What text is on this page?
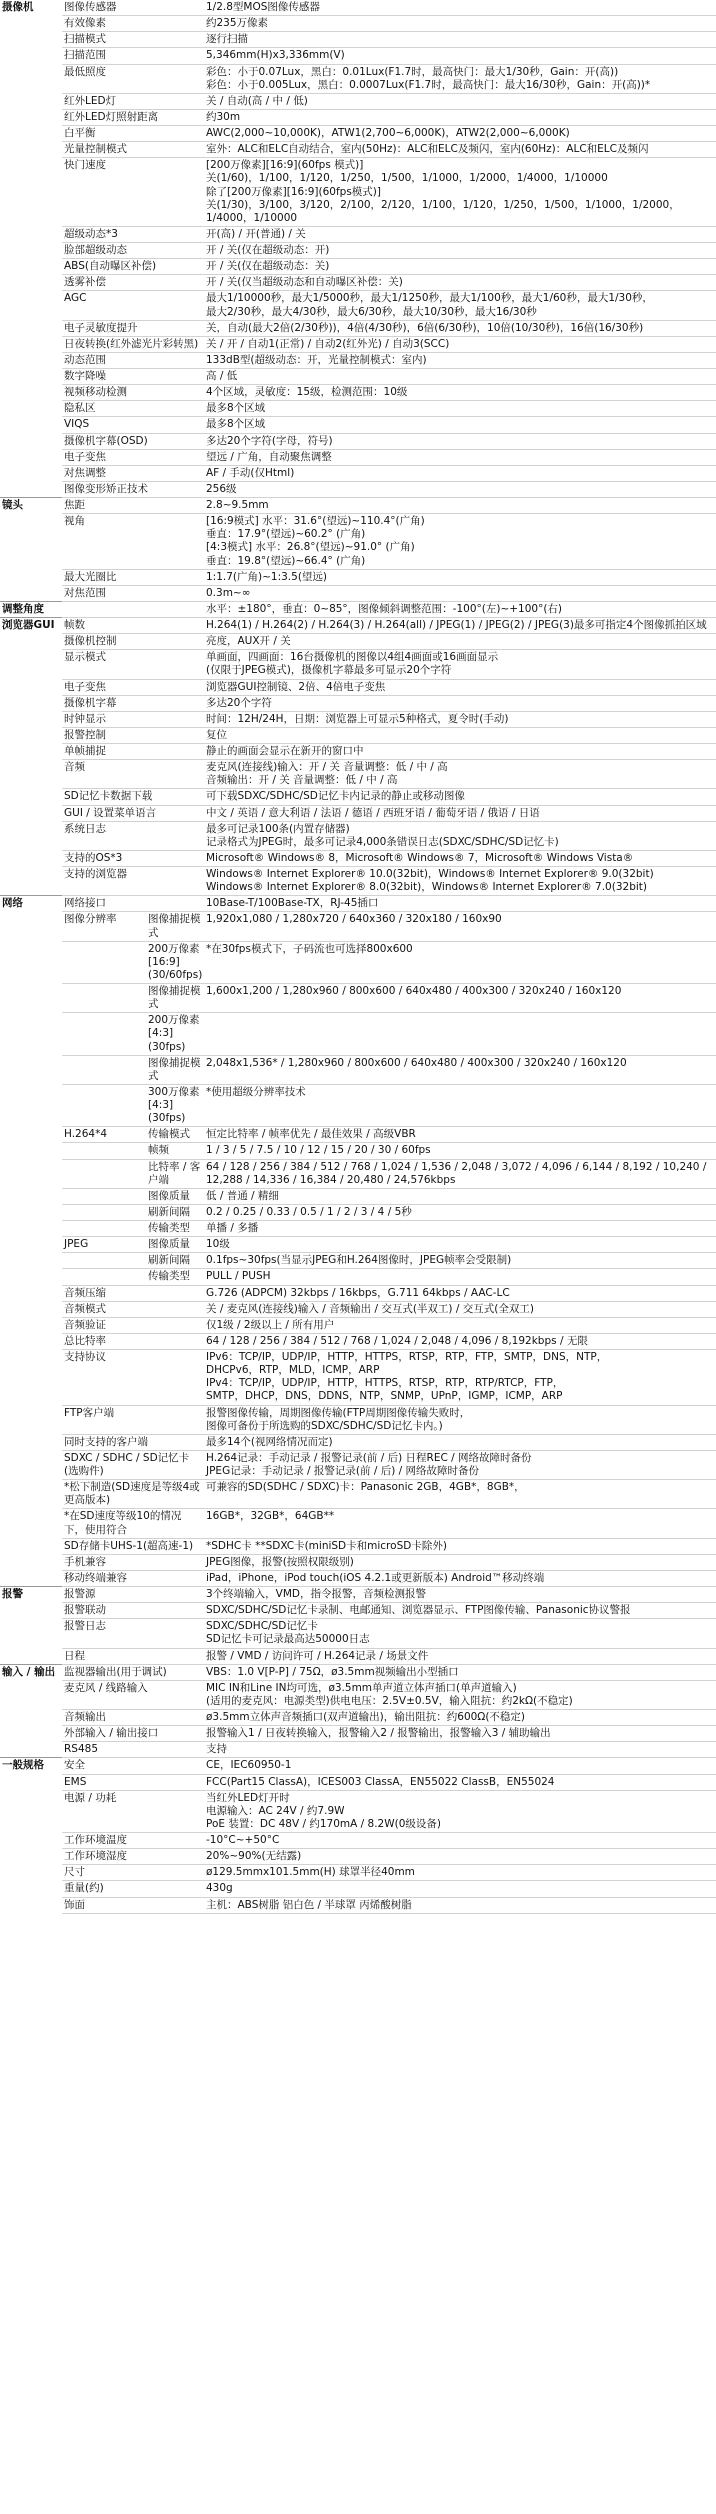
摄像机	图像传感器		1/2.8型MOS图像传感器

	有效像素		约235万像素

	扫描模式		逐行扫描

	扫描范围		5,346mm(H)x3,336mm(V)

	最低照度		彩色：小于0.07Lux，黑白：0.01Lux(F1.7时，最高快门：最大1/30秒，Gain：开(高))
彩色：小于0.005Lux，黑白：0.0007Lux(F1.7时，最高快门：最大16/30秒，Gain：开(高))*

	红外LED灯		关 / 自动(高 / 中 / 低)

	红外LED灯照射距离		约30m

	白平衡		AWC(2,000~10,000K)，ATW1(2,700~6,000K)，ATW2(2,000~6,000K)

	光量控制模式		室外：ALC和ELC自动结合，室内(50Hz)：ALC和ELC及频闪，室内(60Hz)：ALC和ELC及频闪

	快门速度		[200万像素][16:9](60fps 模式)]
关(1/60)，1/100，1/120，1/250，1/500，1/1000，1/2000，1/4000，1/10000
除了[200万像素][16:9](60fps模式)]
关(1/30)，3/100，3/120，2/100，2/120，1/100，1/120，1/250，1/500，1/1000，1/2000，1/4000，1/10000

	超级动态*3		开(高) / 开(普通) / 关

	脸部超级动态		开 / 关(仅在超级动态：开)

	ABS(自动曝区补偿)		开 / 关(仅在超级动态：关)

	透雾补偿		开 / 关(仅当超级动态和自动曝区补偿：关)

	AGC		最大1/10000秒，最大1/5000秒，最大1/1250秒，最大1/100秒，最大1/60秒，最大1/30秒，
最大2/30秒，最大4/30秒，最大6/30秒，最大10/30秒，最大16/30秒

	电子灵敏度提升		关，自动(最大2倍(2/30秒))，4倍(4/30秒)，6倍(6/30秒)，10倍(10/30秒)，16倍(16/30秒)

	日夜转换(红外滤光片彩转黑)		关 / 开 / 自动1(正常) / 自动2(红外光) / 自动3(SCC)

	动态范围		133dB型(超级动态：开，光量控制模式：室内)

	数字降噪		高 / 低

	视频移动检测		4个区域，灵敏度：15级，检测范围：10级

	隐私区		最多8个区域

	VIQS		最多8个区域

	摄像机字幕(OSD)		多达20个字符(字母，符号)

	电子变焦		望远 / 广角，自动聚焦调整

	对焦调整		AF / 手动(仅Html)

	图像变形矫正技术		256级

镜头	焦距		2.8~9.5mm

	视角		[16:9模式] 水平：31.6°(望远)~110.4°(广角)
垂直：17.9°(望远)~60.2° (广角)
[4:3模式] 水平：26.8°(望远)~91.0° (广角)
垂直：19.8°(望远)~66.4° (广角)

	最大光圈比		1:1.7(广角)~1:3.5(望远)

	对焦范围		0.3m~∞

调整角度			水平：±180°，垂直：0~85°，图像倾斜调整范围：-100°(左)~+100°(右)

浏览器GUI	帧数		H.264(1) / H.264(2) / H.264(3) / H.264(all) / JPEG(1) / JPEG(2) / JPEG(3)最多可指定4个图像抓拍区域

	摄像机控制		亮度，AUX开 / 关

	显示模式		单画面，四画面：16台摄像机的图像以4组4画面或16画面显示
(仅限于JPEG模式)，摄像机字幕最多可显示20个字符

	电子变焦		浏览器GUI控制镜、2倍、4倍电子变焦

	摄像机字幕		多达20个字符

	时钟显示		时间：12H/24H，日期：浏览器上可显示5种格式，夏令时(手动)

	报警控制		复位

	单帧捕捉		静止的画面会显示在新开的窗口中

	音频		麦克风(连接线)输入：开 / 关 音量调整：低 / 中 / 高
音频输出：开 / 关 音量调整：低 / 中 / 高

	SD记忆卡数据下载		可下载SDXC/SDHC/SD记忆卡内记录的静止或移动图像

	GUI / 设置菜单语言		中文 / 英语 / 意大利语 / 法语 / 德语 / 西班牙语 / 葡萄牙语 / 俄语 / 日语

	系统日志		最多可记录100条(内置存储器)
记录格式为JPEG时，最多可记录4,000条错误日志(SDXC/SDHC/SD记忆卡)

	支持的OS*3		Microsoft® Windows® 8，Microsoft® Windows® 7，Microsoft® Windows Vista®

	支持的浏览器		Windows® Internet Explorer® 10.0(32bit)，Windows® Internet Explorer® 9.0(32bit)
Windows® Internet Explorer® 8.0(32bit)，Windows® Internet Explorer® 7.0(32bit)

网络	网络接口		10Base-T/100Base-TX，RJ-45插口

	图像分辨率	图像捕捉模式	1,920x1,080 / 1,280x720 / 640x360 / 320x180 / 160x90

		200万像素 [16:9](30/60fps)	*在30fps模式下，子码流也可选择800x600

		图像捕捉模式	1,600x1,200 / 1,280x960 / 800x600 / 640x480 / 400x300 / 320x240 / 160x120

		200万像素 [4:3](30fps)	

		图像捕捉模式	2,048x1,536* / 1,280x960 / 800x600 / 640x480 / 400x300 / 320x240 / 160x120

		300万像素 [4:3](30fps)	*使用超级分辨率技术

	H.264*4	传输模式	恒定比特率 / 帧率优先 / 最佳效果 / 高级VBR

		帧频	1 / 3 / 5 / 7.5 / 10 / 12 / 15 / 20 / 30 / 60fps

		比特率 / 客户端	64 / 128 / 256 / 384 / 512 / 768 / 1,024 / 1,536 / 2,048 / 3,072 / 4,096 / 6,144 / 8,192 / 10,240 / 12,288 / 14,336 / 16,384 / 20,480 / 24,576kbps

		图像质量	低 / 普通 / 精细

		刷新间隔	0.2 / 0.25 / 0.33 / 0.5 / 1 / 2 / 3 / 4 / 5秒

		传输类型	单播 / 多播

	JPEG	图像质量	10级

		刷新间隔	0.1fps~30fps(当显示JPEG和H.264图像时，JPEG帧率会受限制)

		传输类型	PULL / PUSH

	音频压缩		G.726 (ADPCM) 32kbps / 16kbps，G.711 64kbps / AAC-LC

	音频模式		关 / 麦克风(连接线)输入 / 音频输出 / 交互式(半双工) / 交互式(全双工)

	音频验证		仅1级 / 2级以上 / 所有用户

	总比特率		64 / 128 / 256 / 384 / 512 / 768 / 1,024 / 2,048 / 4,096 / 8,192kbps / 无限

	支持协议		IPv6：TCP/IP，UDP/IP，HTTP，HTTPS，RTSP，RTP，FTP，SMTP，DNS，NTP，
DHCPv6，RTP，MLD，ICMP，ARP
IPv4：TCP/IP，UDP/IP，HTTP，HTTPS，RTSP，RTP，RTP/RTCP，FTP，
SMTP，DHCP，DNS，DDNS，NTP，SNMP，UPnP，IGMP，ICMP，ARP

	FTP客户端		报警图像传输，周期图像传输(FTP周期图像传输失败时，
图像可备份于所选购的SDXC/SDHC/SD记忆卡内。)

	同时支持的客户端		最多14个(视网络情况而定)

	SDXC / SDHC / SD记忆卡(选购件)		H.264记录：手动记录 / 报警记录(前 / 后) 日程REC / 网络故障时备份
JPEG记录：手动记录 / 报警记录(前 / 后) / 网络故障时备份

	*松下制造(SD速度是等级4或更高版本)		可兼容的SD(SDHC / SDXC)卡：Panasonic 2GB，4GB*，8GB*，

	*在SD速度等级10的情况下，使用符合		16GB*，32GB*，64GB**

	SD存储卡UHS-1(超高速-1)		*SDHC卡 **SDXC卡(miniSD卡和microSD卡除外)

	手机兼容		JPEG图像，报警(按照权限级别)

	移动终端兼容		iPad，iPhone，iPod touch(iOS 4.2.1或更新版本) Android™移动终端

报警	报警源		3个终端输入，VMD，指令报警，音频检测报警

	报警联动		SDXC/SDHC/SD记忆卡录制、电邮通知、浏览器显示、FTP图像传输、Panasonic协议警报

	报警日志		SDXC/SDHC/SD记忆卡
SD记忆卡可记录最高达50000日志

	日程		报警 / VMD / 访问许可 / H.264记录 / 场景文件

输入 / 输出	监视器输出(用于调试)		VBS：1.0 V[P-P] / 75Ω，ø3.5mm视频输出小型插口

	麦克风 / 线路输入		MIC IN和Line IN均可选，ø3.5mm单声道立体声插口(单声道输入)
(适用的麦克风：电源类型)供电电压：2.5V±0.5V，输入阻抗：约2kΩ(不稳定)

	音频输出		ø3.5mm立体声音频插口(双声道输出)，输出阻抗：约600Ω(不稳定)

	外部输入 / 输出接口		报警输入1 / 日夜转换输入，报警输入2 / 报警输出，报警输入3 / 辅助输出

	RS485		支持

一般规格	安全		CE，IEC60950-1

	EMS		FCC(Part15 ClassA)，ICES003 ClassA，EN55022 ClassB，EN55024

	电源 / 功耗		当红外LED灯开时
电源输入：AC 24V / 约7.9W
PoE 装置：DC 48V / 约170mA / 8.2W(0级设备)

	工作环境温度		-10°C~+50°C

	工作环境湿度		20%~90%(无结露)

	尺寸		ø129.5mmx101.5mm(H) 球罩半径40mm

	重量(约)		430g

	饰面		主机：ABS树脂 铝白色 / 半球罩 丙烯酸树脂
